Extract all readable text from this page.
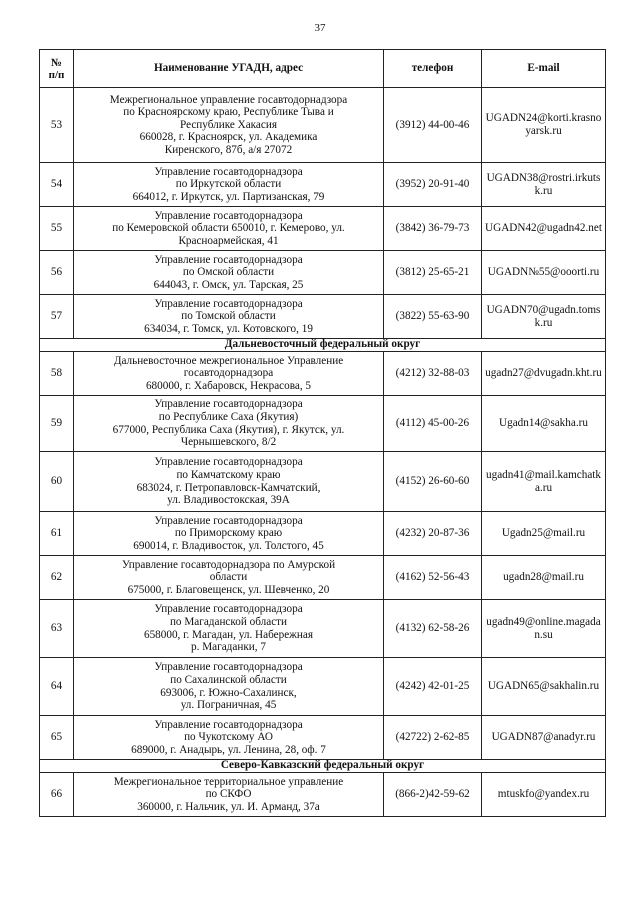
37
№
п/п	Наименование УГАДН, адрес	телефон	E-mail
53	Межрегиональное управление госавтодорнадзора
по Красноярскому краю, Республике Тыва и
Республике Хакасия
660028, г. Красноярск, ул. Академика
Киренского, 87б, а/я 27072	(3912) 44-00-46	UGADN24@korti.krasnoyarsk.ru
54	Управление госавтодорнадзора
по Иркутской области
664012, г. Иркутск, ул. Партизанская, 79	(3952) 20-91-40	UGADN38@rostri.irkutsk.ru
55	Управление госавтодорнадзора
по Кемеровской области 650010, г. Кемерово, ул.
Красноармейская, 41	(3842) 36-79-73	UGADN42@ugadn42.net
56	Управление госавтодорнадзора
по Омской области
644043, г. Омск, ул. Тарская, 25	(3812) 25-65-21	UGADN№55@ooorti.ru
57	Управление госавтодорнадзора
по Томской области
634034, г. Томск, ул. Котовского, 19	(3822) 55-63-90	UGADN70@ugadn.tomsk.ru
Дальневосточный федеральный округ			
58	Дальневосточное межрегиональное Управление
госавтодорнадзора
680000, г. Хабаровск, Некрасова, 5	(4212) 32-88-03	ugadn27@dvugadn.kht.ru
59	Управление госавтодорнадзора
по Республике Саха (Якутия)
677000, Республика Саха (Якутия), г. Якутск, ул.
Чернышевского, 8/2	(4112) 45-00-26	Ugadn14@sakha.ru
60	Управление госавтодорнадзора
по Камчатскому краю
683024, г. Петропавловск-Камчатский,
ул. Владивостокская, 39А	(4152) 26-60-60	ugadn41@mail.kamchatka.ru
61	Управление госавтодорнадзора
по Приморскому краю
690014, г. Владивосток, ул. Толстого, 45	(4232) 20-87-36	Ugadn25@mail.ru
62	Управление госавтодорнадзора по Амурской
области
675000, г. Благовещенск, ул. Шевченко, 20	(4162) 52-56-43	ugadn28@mail.ru
63	Управление госавтодорнадзора
по Магаданской области
658000, г. Магадан, ул. Набережная
р. Магаданки, 7	(4132) 62-58-26	ugadn49@online.magadan.su
64	Управление госавтодорнадзора
по Сахалинской области
693006, г. Южно-Сахалинск,
ул. Пограничная, 45	(4242) 42-01-25	UGADN65@sakhalin.ru
65	Управление госавтодорнадзора
по Чукотскому АО
689000, г. Анадырь, ул. Ленина, 28, оф. 7	(42722) 2-62-85	UGADN87@anadyr.ru
Северо-Кавказский федеральный округ			
66	Межрегиональное территориальное управление
по СКФО
360000, г. Нальчик, ул. И. Арманд, 37а	(866-2)42-59-62	mtuskfo@yandex.ru
